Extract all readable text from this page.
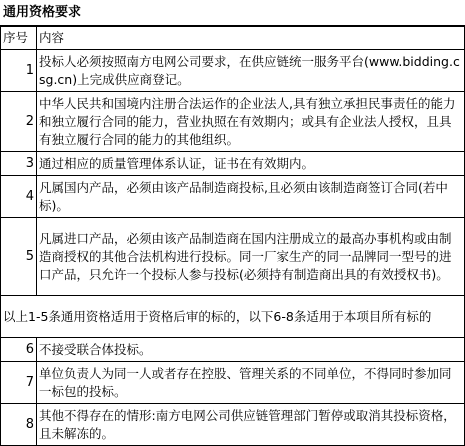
通用资格要求
序号	内容
1	投标人必须按照南方电网公司要求，在供应链统一服务平台(www.bidding.csg.cn)上完成供应商登记。

2	中华人民共和国境内注册合法运作的企业法人,具有独立承担民事责任的能力和独立履行合同的能力，营业执照在有效期内；或具有企业法人授权，且具有独立履行合同的能力的其他组织。

3	通过相应的质量管理体系认证，证书在有效期内。

4	凡属国内产品，必须由该产品制造商投标,且必须由该制造商签订合同(若中标)。

5	凡属进口产品，必须由该产品制造商在国内注册成立的最高办事机构或由制造商授权的其他合法机构进行投标。同一厂家生产的同一品牌同一型号的进口产品，只允许一个投标人参与投标(必须持有制造商出具的有效授权书)。

以上1-5条通用资格适用于资格后审的标的，以下6-8条适用于本项目所有标的	

6	不接受联合体投标。

7	单位负责人为同一人或者存在控股、管理关系的不同单位，不得同时参加同一标包的投标。

8	其他不得存在的情形:南方电网公司供应链管理部门暂停或取消其投标资格，且未解冻的。
